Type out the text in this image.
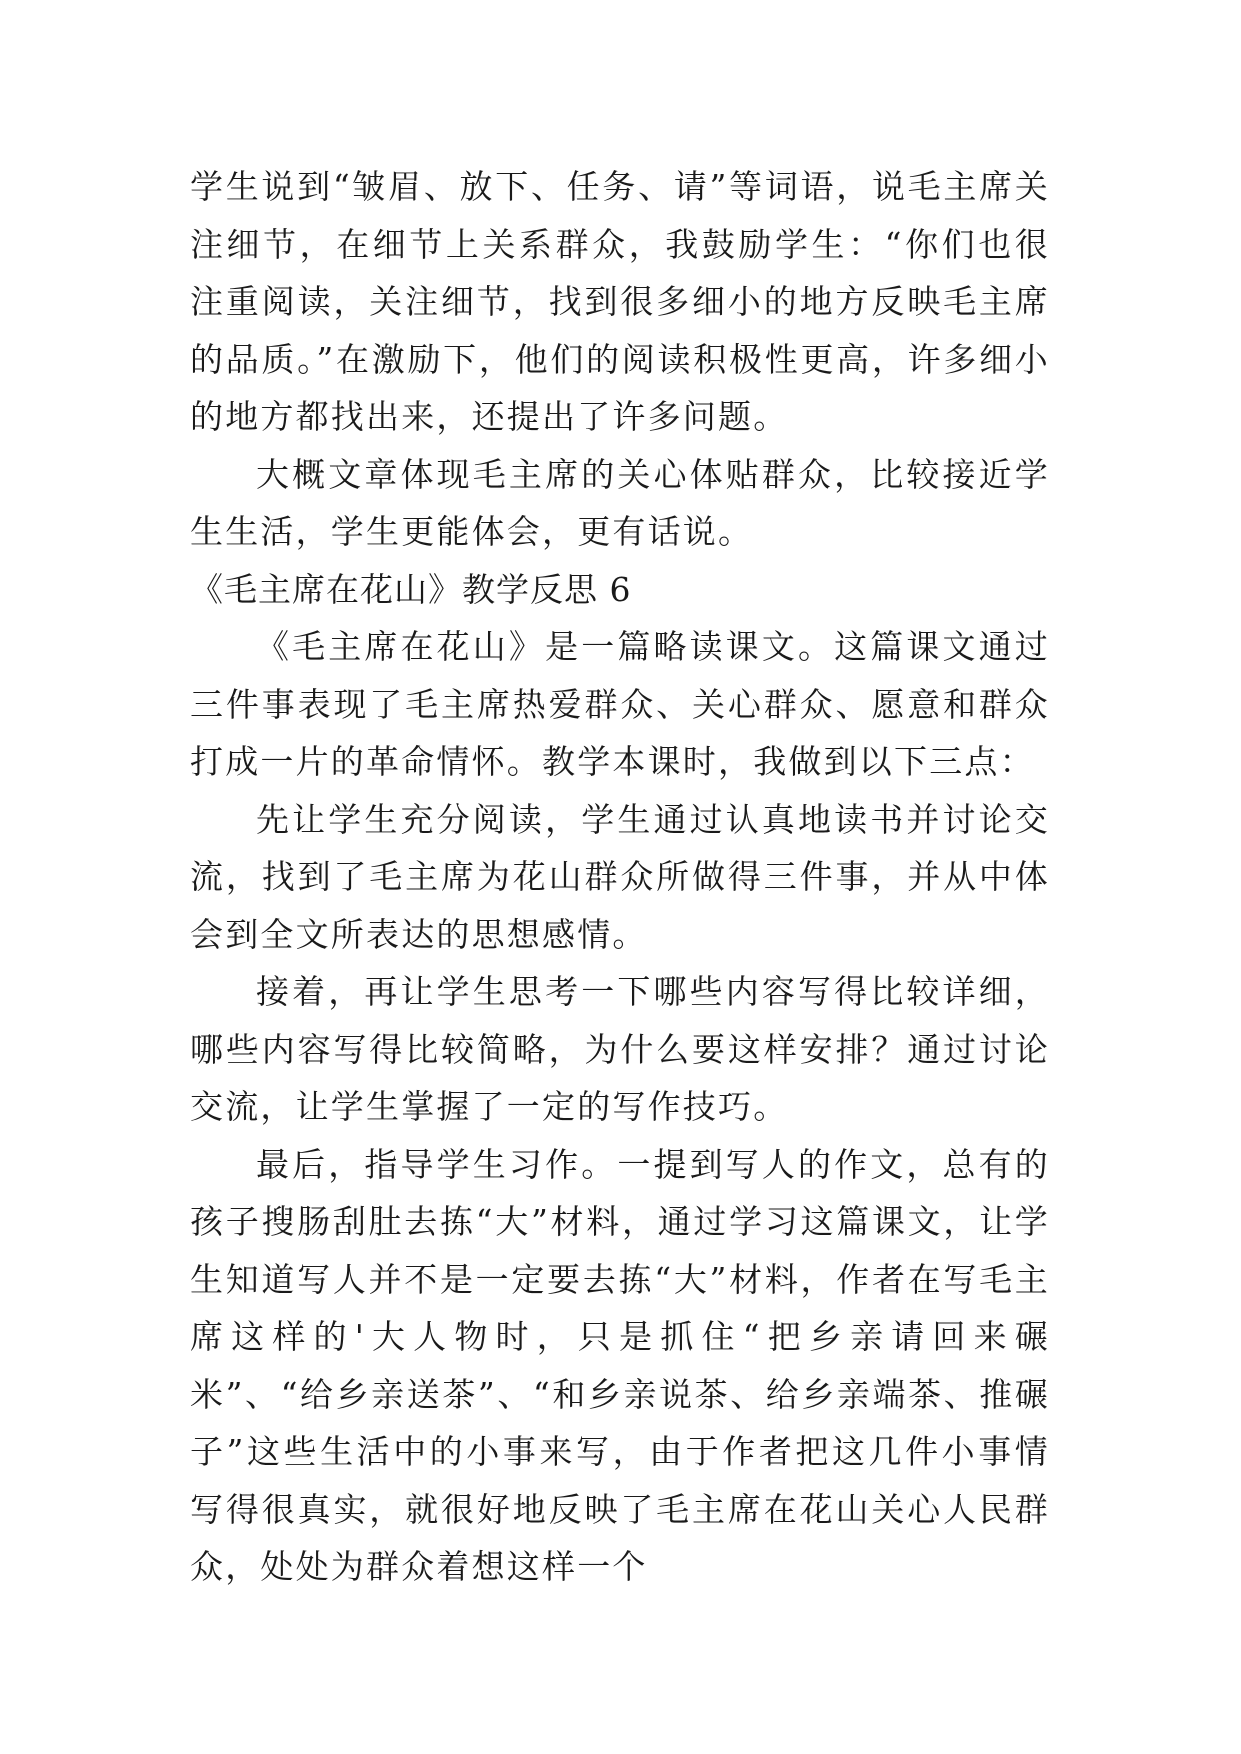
学生说到“皱眉、放下、任务、请”等词语，说毛主席关注细节，在细节上关系群众，我鼓励学生：“你们也很注重阅读，关注细节，找到很多细小的地方反映毛主席的品质。”在激励下，他们的阅读积极性更高，许多细小的地方都找出来，还提出了许多问题。

大概文章体现毛主席的关心体贴群众，比较接近学生生活，学生更能体会，更有话说。

《毛主席在花山》教学反思 6

《毛主席在花山》是一篇略读课文。这篇课文通过三件事表现了毛主席热爱群众、关心群众、愿意和群众打成一片的革命情怀。教学本课时，我做到以下三点：

先让学生充分阅读，学生通过认真地读书并讨论交流，找到了毛主席为花山群众所做得三件事，并从中体会到全文所表达的思想感情。

接着，再让学生思考一下哪些内容写得比较详细，哪些内容写得比较简略，为什么要这样安排？通过讨论交流，让学生掌握了一定的写作技巧。

最后，指导学生习作。一提到写人的作文，总有的孩子搜肠刮肚去拣“大”材料，通过学习这篇课文，让学生知道写人并不是一定要去拣“大”材料，作者在写毛主席这样的'大人物时，只是抓住“把乡亲请回来碾米”、“给乡亲送茶”、“和乡亲说茶、给乡亲端茶、推碾子”这些生活中的小事来写，由于作者把这几件小事情写得很真实，就很好地反映了毛主席在花山关心人民群众，处处为群众着想这样一个
